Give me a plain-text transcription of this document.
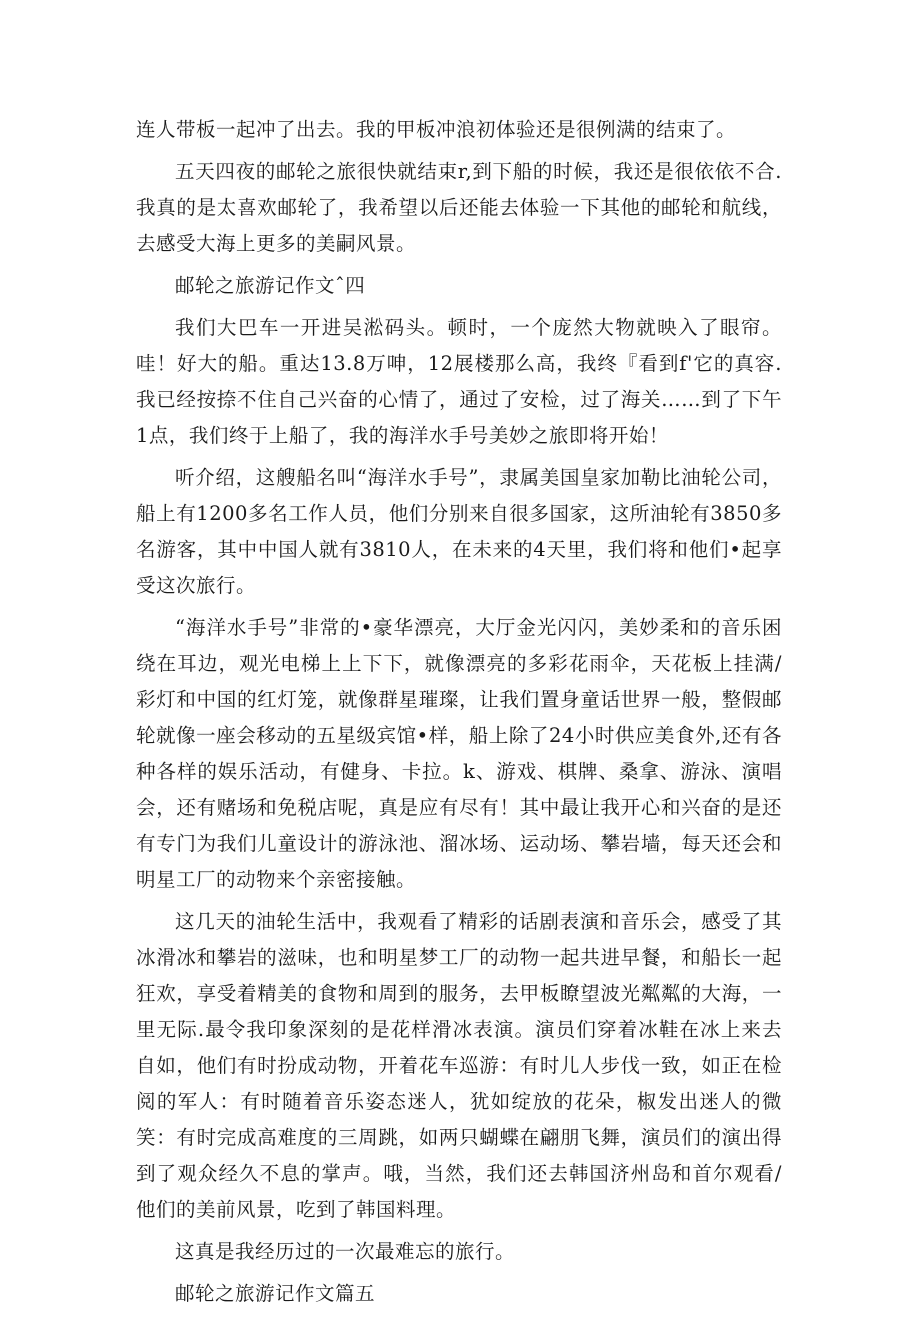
连人带板一起冲了出去。我的甲板冲浪初体验还是很例满的结束了。

五天四夜的邮轮之旅很快就结束r,到下船的时候，我还是很依依不合.我真的是太喜欢邮轮了，我希望以后还能去体验一下其他的邮轮和航线，去感受大海上更多的美嗣风景。

邮轮之旅游记作文ˆ四

我们大巴车一开进吴淞码头。顿时，一个庞然大物就映入了眼帘。哇！好大的船。重达13.8万呻，12展楼那么高，我终『看到f'它的真容.我已经按捺不住自己兴奋的心情了，通过了安检，过了海关……到了下午1点，我们终于上船了，我的海洋水手号美妙之旅即将开始！

听介绍，这艘船名叫“海洋水手号”，隶属美国皇家加勒比油轮公司，船上有1200多名工作人员，他们分别来自很多国家，这所油轮有3850多名游客，其中中国人就有3810人，在未来的4天里，我们将和他们•起享受这次旅行。

“海洋水手号”非常的•豪华漂亮，大厅金光闪闪，美妙柔和的音乐困绕在耳边，观光电梯上上下下，就像漂亮的多彩花雨伞，天花板上挂满/彩灯和中国的红灯笼，就像群星璀璨，让我们置身童话世界一般，整假邮轮就像一座会移动的五星级宾馆•样，船上除了24小时供应美食外,还有各种各样的娱乐活动，有健身、卡拉。k、游戏、棋牌、桑拿、游泳、演唱会，还有赌场和免税店呢，真是应有尽有！其中最让我开心和兴奋的是还有专门为我们儿童设计的游泳池、溜冰场、运动场、攀岩墙，每天还会和明星工厂的动物来个亲密接触。

这几天的油轮生活中，我观看了精彩的话剧表演和音乐会，感受了其冰滑冰和攀岩的滋味，也和明星梦工厂的动物一起共进早餐，和船长一起狂欢，享受着精美的食物和周到的服务，去甲板瞭望波光粼粼的大海，一里无际.最令我印象深刻的是花样滑冰表演。演员们穿着冰鞋在冰上来去自如，他们有时扮成动物，开着花车巡游：有时儿人步伐一致，如正在检阅的军人：有时随着音乐姿态迷人，犹如绽放的花朵，椒发出迷人的微笑：有时完成高难度的三周跳，如两只蝴蝶在翩朋飞舞，演员们的演出得到了观众经久不息的掌声。哦，当然，我们还去韩国济州岛和首尔观看/他们的美前风景，吃到了韩国料理。

这真是我经历过的一次最难忘的旅行。

邮轮之旅游记作文篇五
